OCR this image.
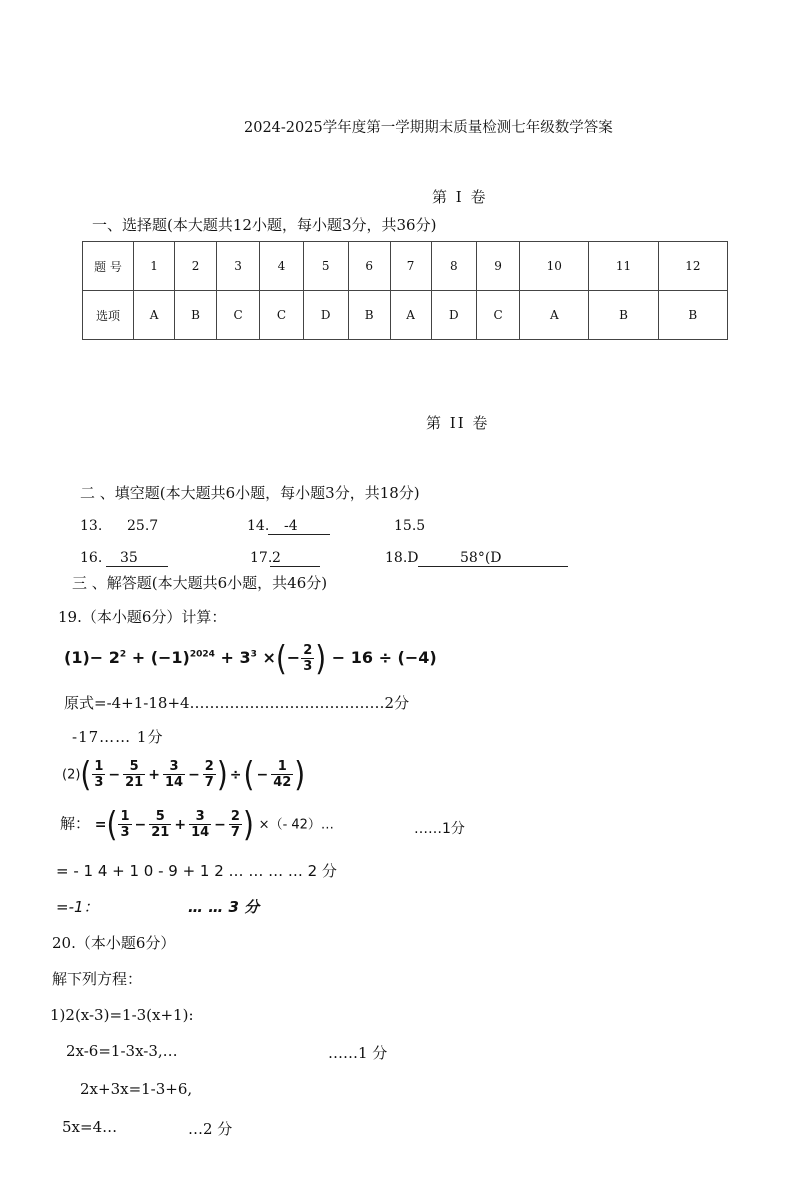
2024-2025学年度第一学期期末质量检测七年级数学答案
第 I 卷
一、选择题(本大题共12小题，每小题3分，共36分)
题 号	1	2	3	4	5	6	7	8	9	10	11	12
选项	A	B	C	C	D	B	A	D	C	A	B	B
第 II 卷
二 、填空题(本大题共6小题，每小题3分，共18分)
13. 25.7	14.	-4	15.5
16.	35	17. 2	18.D	58°(D
三 、解答题(本大题共6小题，共46分)
19.（本小题6分）计算：
$(1)- 2^2 + (-1)^{2024} + 3^3$ ×(− $\frac{2}{3}$ ) − 16 ÷ (−4)
原式=-4+1-18+4…………………………………2分
-17…… 1分
$(2)( \frac{1}{3} - \frac{5}{21} + \frac{3}{14} - \frac{2}{7}$ ) ÷( − $\frac{1}{42}$ )
解： =( $\frac{1}{3} - \frac{5}{21} + \frac{3}{14} - \frac{2}{7}$ ) ×（- 42）…	……1分
= - 1 4 + 1 0 - 9 + 1 2 … … … … 2 分
=-1：	… … 3 分
20.（本小题6分）
解下列方程：
1)2(x-3)=1-3(x+1):
2x-6=1-3x-3,…	……1 分
2x+3x=1-3+6,
5x=4…	…2 分
